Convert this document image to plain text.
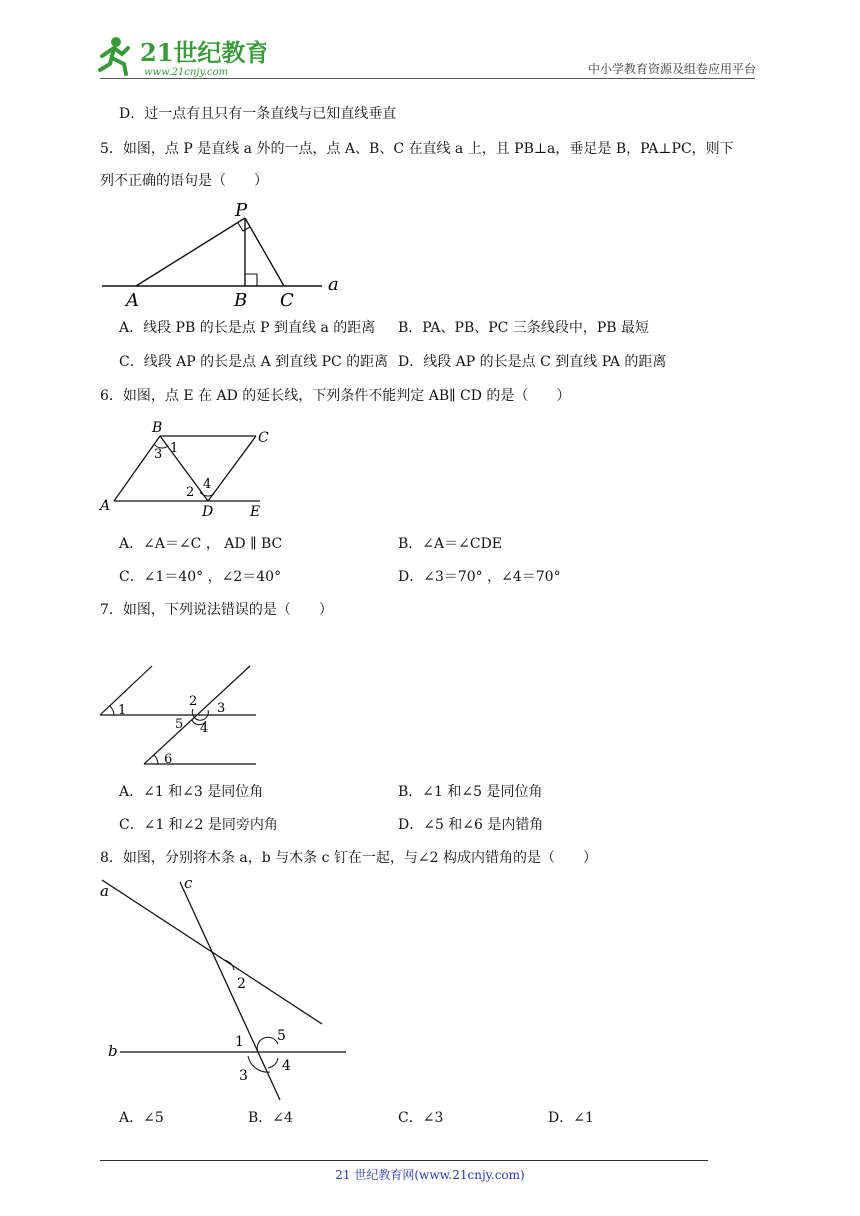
21世纪教育
www.21cnjy.com	中小学教育资源及组卷应用平台
D．过一点有且只有一条直线与已知直线垂直
5．如图，点 P 是直线 a 外的一点，点 A、B、C 在直线 a 上，且 PB⊥a，垂足是 B，PA⊥PC，则下
列不正确的语句是（　　）
P
A	B C
a
A．线段 PB 的长是点 P 到直线 a 的距离 B．PA、PB、PC 三条线段中，PB 最短
C．线段 AP 的长是点 A 到直线 PC 的距离 D．线段 AP 的长是点 C 到直线 PA 的距离
6．如图，点 E 在 AD 的延长线，下列条件不能判定 AB∥ CD 的是（　　）
B
C
A	D	E
1
3
2
4
A．∠A＝∠C ， AD ∥ BC	B．∠A＝∠CDE
C．∠1＝40° ，∠2＝40°	D．∠3＝70° ，∠4＝70°
7．如图，下列说法错误的是（　　）
1
2 3
4
5
6
A．∠1 和∠3 是同位角	B．∠1 和∠5 是同位角
C．∠1 和∠2 是同旁内角	D．∠5 和∠6 是内错角
8．如图，分别将木条 a，b 与木条 c 钉在一起，与∠2 构成内错角的是（　　）
a	c
b
2
1 5
4
3
A．∠5	B．∠4	C．∠3	D．∠1
21 世纪教育网(www.21cnjy.com)
